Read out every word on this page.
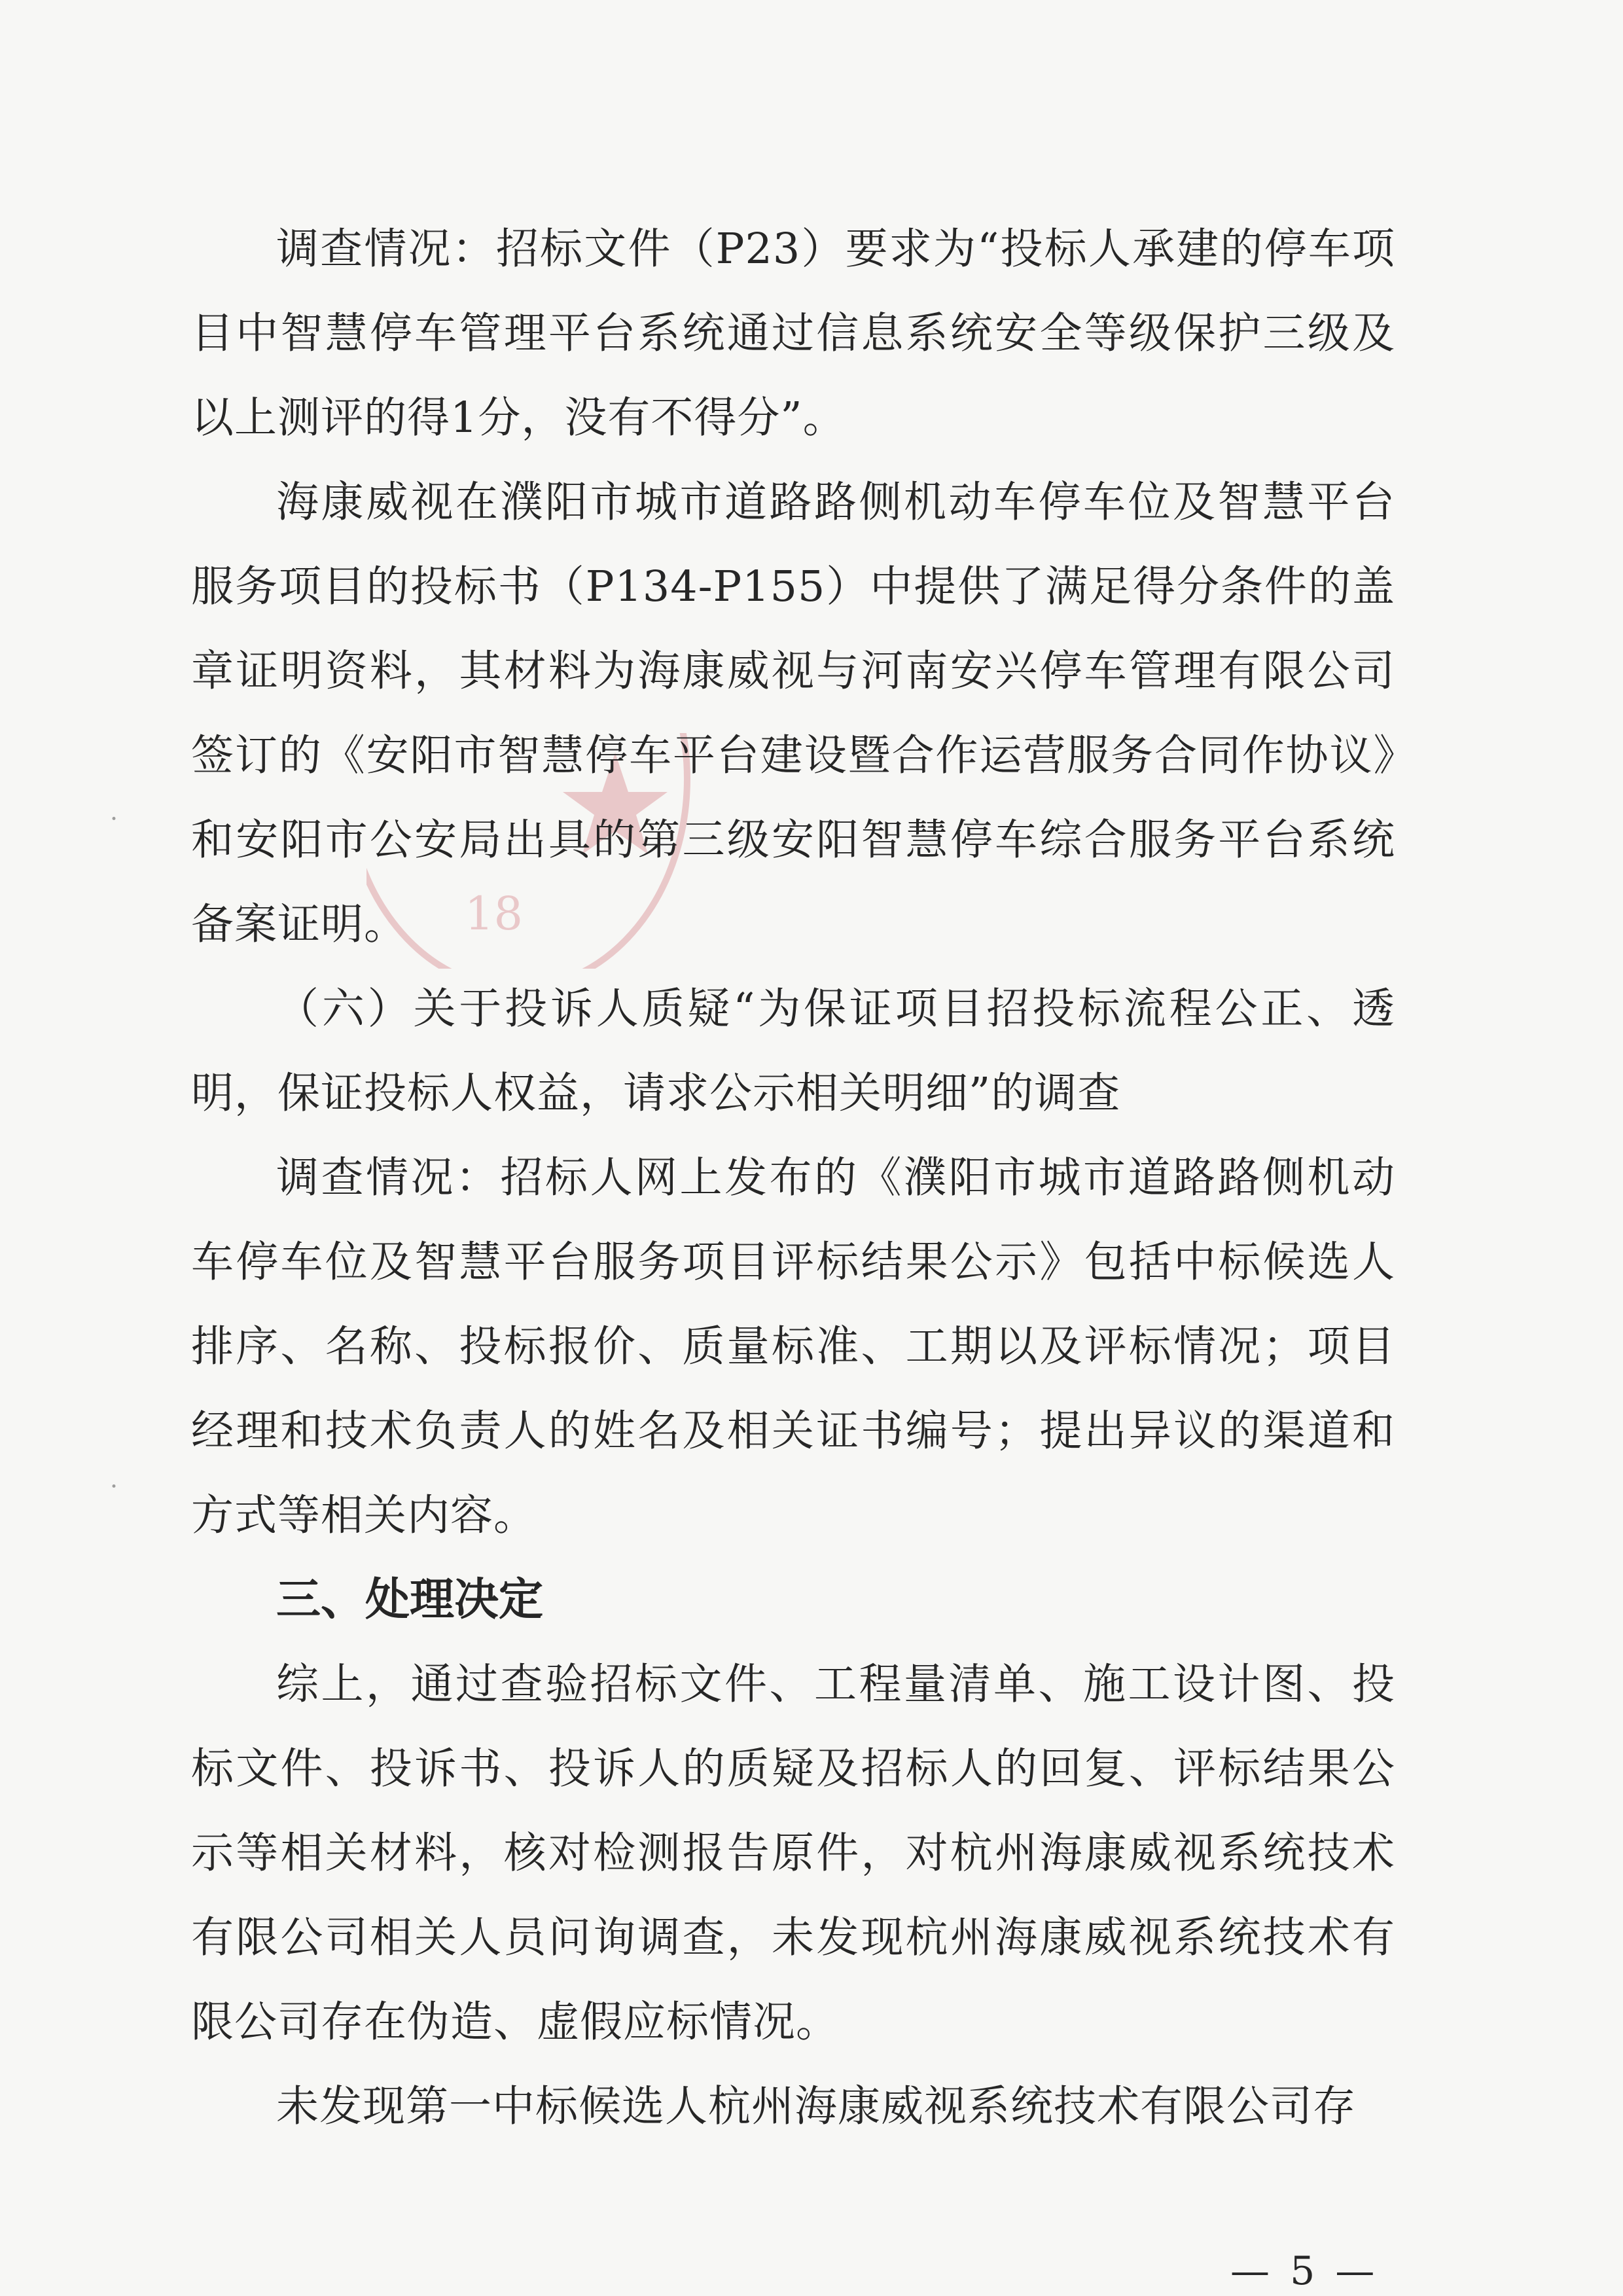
18
·
·

调查情况：招标文件（P23）要求为“投标人承建的停车项目中智慧停车管理平台系统通过信息系统安全等级保护三级及以上测评的得1分，没有不得分”。

海康威视在濮阳市城市道路路侧机动车停车位及智慧平台服务项目的投标书（P134-P155）中提供了满足得分条件的盖章证明资料，其材料为海康威视与河南安兴停车管理有限公司签订的《安阳市智慧停车平台建设暨合作运营服务合同作协议》和安阳市公安局出具的第三级安阳智慧停车综合服务平台系统备案证明。

（六）关于投诉人质疑“为保证项目招投标流程公正、透明，保证投标人权益，请求公示相关明细”的调查

调查情况：招标人网上发布的《濮阳市城市道路路侧机动车停车位及智慧平台服务项目评标结果公示》包括中标候选人排序、名称、投标报价、质量标准、工期以及评标情况；项目经理和技术负责人的姓名及相关证书编号；提出异议的渠道和方式等相关内容。

三、处理决定

综上，通过查验招标文件、工程量清单、施工设计图、投标文件、投诉书、投诉人的质疑及招标人的回复、评标结果公示等相关材料，核对检测报告原件，对杭州海康威视系统技术有限公司相关人员问询调查，未发现杭州海康威视系统技术有限公司存在伪造、虚假应标情况。

未发现第一中标候选人杭州海康威视系统技术有限公司存

— 5 —
